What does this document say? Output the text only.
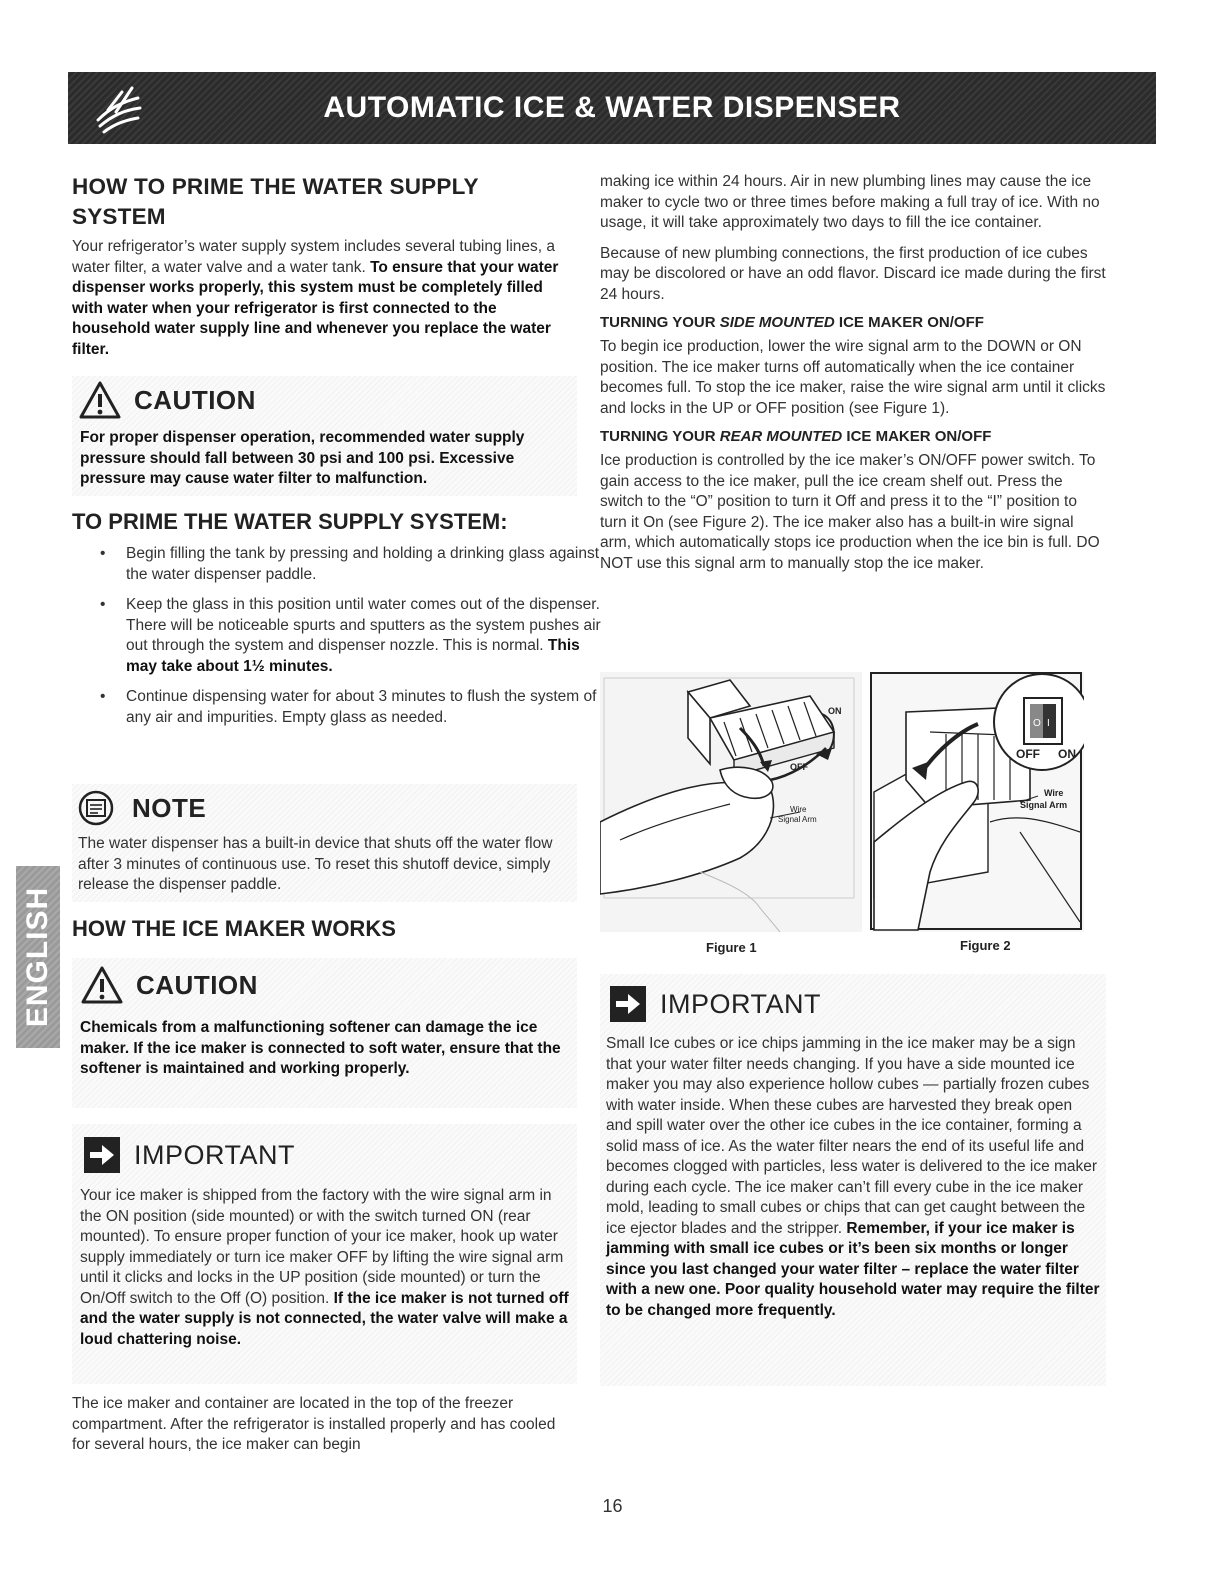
AUTOMATIC ICE & WATER DISPENSER
ENGLISH
HOW TO PRIME THE WATER SUPPLY
SYSTEM

Your refrigerator’s water supply system includes several tubing lines, a water filter, a water valve and a water tank. To ensure that your water dispenser works properly, this system must be completely filled with water when your refrigerator is first connected to the household water supply line and whenever you replace the water filter.

CAUTION
For proper dispenser operation, recommended water supply pressure should fall between 30 psi and 100 psi. Excessive pressure may cause water filter to malfunction.
TO PRIME THE WATER SUPPLY SYSTEM:
• Begin filling the tank by pressing and holding a drinking glass against the water dispenser paddle.
• Keep the glass in this position until water comes out of the dispenser. There will be noticeable spurts and sputters as the system pushes air out through the system and dispenser nozzle. This is normal. This may take about 1½ minutes.
• Continue dispensing water for about 3 minutes to flush the system of any air and impurities. Empty glass as needed.
NOTE
The water dispenser has a built-in device that shuts off the water flow after 3 minutes of continuous use. To reset this shutoff device, simply release the dispenser paddle.
HOW THE ICE MAKER WORKS
CAUTION
Chemicals from a malfunctioning softener can damage the ice maker. If the ice maker is connected to soft water, ensure that the softener is maintained and working properly.
IMPORTANT
Your ice maker is shipped from the factory with the wire signal arm in the ON position (side mounted) or with the switch turned ON (rear mounted). To ensure proper function of your ice maker, hook up water supply immediately or turn ice maker OFF by lifting the wire signal arm until it clicks and locks in the UP position (side mounted) or turn the On/Off switch to the Off (O) position. If the ice maker is not turned off and the water supply is not connected, the water valve will make a loud chattering noise.

The ice maker and container are located in the top of the freezer compartment. After the refrigerator is installed properly and has cooled for several hours, the ice maker can begin

making ice within 24 hours. Air in new plumbing lines may cause the ice maker to cycle two or three times before making a full tray of ice. With no usage, it will take approximately two days to fill the ice container.

Because of new plumbing connections, the first production of ice cubes may be discolored or have an odd flavor. Discard ice made during the first 24 hours.

TURNING YOUR SIDE MOUNTED ICE MAKER ON/OFF

To begin ice production, lower the wire signal arm to the DOWN or ON position. The ice maker turns off automatically when the ice container becomes full. To stop the ice maker, raise the wire signal arm until it clicks and locks in the UP or OFF position (see Figure 1).

TURNING YOUR REAR MOUNTED ICE MAKER ON/OFF

Ice production is controlled by the ice maker’s ON/OFF power switch. To gain access to the ice maker, pull the ice cream shelf out. Press the switch to the “O” position to turn it Off and press it to the “I” position to turn it On (see Figure 2). The ice maker also has a built-in wire signal arm, which automatically stops ice production when the ice bin is full. DO NOT use this signal arm to manually stop the ice maker.

ON
OFF
Wire
Signal Arm
Figure 1
O I
OFF ON
Wire
Signal Arm
Figure 2
IMPORTANT
Small Ice cubes or ice chips jamming in the ice maker may be a sign that your water filter needs changing. If you have a side mounted ice maker you may also experience hollow cubes — partially frozen cubes with water inside. When these cubes are harvested they break open and spill water over the other ice cubes in the ice container, forming a solid mass of ice. As the water filter nears the end of its useful life and becomes clogged with particles, less water is delivered to the ice maker during each cycle. The ice maker can’t fill every cube in the ice maker mold, leading to small cubes or chips that can get caught between the ice ejector blades and the stripper. Remember, if your ice maker is jamming with small ice cubes or it’s been six months or longer since you last changed your water filter – replace the water filter with a new one. Poor quality household water may require the filter to be changed more frequently.
16
